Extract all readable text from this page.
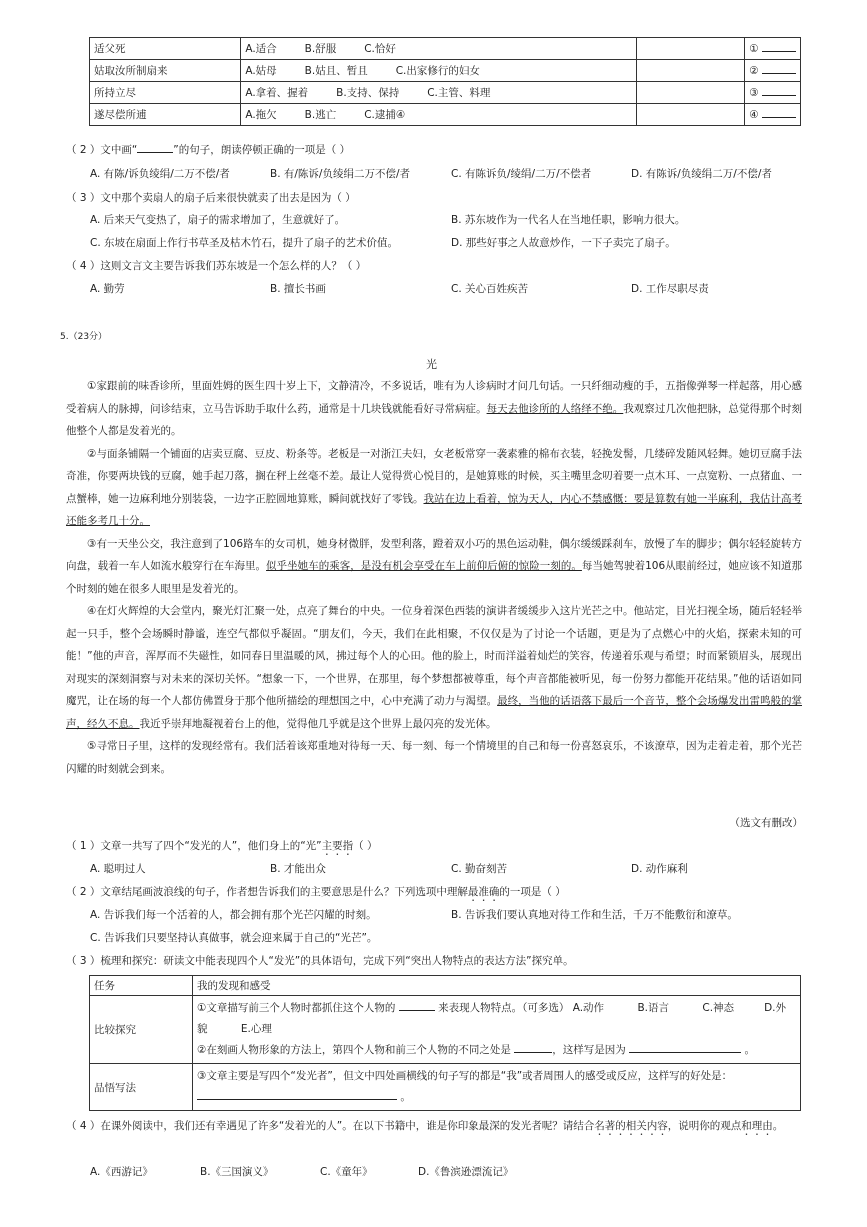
适父死	A.适合 B.舒服 C.恰好		①
姑取汝所制扇来	A.姑母 B.姑且、暂且 C.出家修行的妇女		②
所持立尽	A.拿着、握着 B.支持、保持 C.主管、料理		③
遂尽偿所逋	A.拖欠 B.逃亡 C.逮捕④		④
（ 2 ）文中画“	”的句子，朗读停顿正确的一项是（ ）
A. 有陈/诉负绫绢/二万不偿/者	B. 有/陈诉/负绫绢二万不偿/者	C. 有陈诉负/绫绢/二万/不偿者	D. 有陈诉/负绫绢二万/不偿/者
（ 3 ）文中那个卖扇人的扇子后来很快就卖了出去是因为（ ）
A. 后来天气变热了，扇子的需求增加了，生意就好了。	B. 苏东坡作为一代名人在当地任职，影响力很大。
C. 东坡在扇面上作行书草圣及枯木竹石，提升了扇子的艺术价值。	D. 那些好事之人故意炒作，一下子卖完了扇子。
（ 4 ）这则文言文主要告诉我们苏东坡是一个怎么样的人？（ ）
A. 勤劳	B. 擅长书画	C. 关心百姓疾苦	D. 工作尽职尽责
5.（23分）
光

①家跟前的味香诊所，里面姓姆的医生四十岁上下，文静清冷，不多说话，唯有为人诊病时才问几句话。一只纤细动瘦的手，五指像弹琴一样起落，用心感受着病人的脉搏，问诊结束，立马告诉助手取什么药，通常是十几块钱就能看好寻常病症。每天去他诊所的人络绎不绝。我观察过几次他把脉，总觉得那个时刻他整个人都是发着光的。

②与面条铺隔一个铺面的店卖豆腐、豆皮、粉条等。老板是一对浙江夫妇，女老板常穿一袭素雅的棉布衣装，轻挽发髻，几缕碎发随风轻舞。她切豆腐手法奇准，你要两块钱的豆腐，她手起刀落，搁在秤上丝毫不差。最让人觉得赏心悦目的，是她算账的时候，买主嘴里念叨着要一点木耳、一点宽粉、一点猪血、一点蟹棒，她一边麻利地分别装袋，一边字正腔圆地算账，瞬间就找好了零钱。我站在边上看着，惊为天人，内心不禁感慨：要是算数有她一半麻利，我估计高考还能多考几十分。

③有一天坐公交，我注意到了106路车的女司机，她身材微胖，发型利落，蹬着双小巧的黑色运动鞋，偶尔缓缓踩刹车，放慢了车的脚步；偶尔轻轻旋转方向盘，载着一车人如流水般穿行在车海里。似乎坐她车的乘客，是没有机会享受在车上前仰后俯的惊险一刻的。每当她驾驶着106从眼前经过，她应该不知道那个时刻的她在很多人眼里是发着光的。

④在灯火辉煌的大会堂内，聚光灯汇聚一处，点亮了舞台的中央。一位身着深色西装的演讲者缓缓步入这片光芒之中。他站定，目光扫视全场，随后轻轻举起一只手，整个会场瞬时静谧，连空气都似乎凝固。“朋友们，今天，我们在此相聚，不仅仅是为了讨论一个话题，更是为了点燃心中的火焰，探索未知的可能！”他的声音，浑厚而不失磁性，如同春日里温暖的风，拂过每个人的心田。他的脸上，时而洋溢着灿烂的笑容，传递着乐观与希望；时而紧锁眉头，展现出对现实的深刻洞察与对未来的深切关怀。“想象一下，一个世界，在那里，每个梦想都被尊重，每个声音都能被听见，每一份努力都能开花结果。”他的话语如同魔咒，让在场的每一个人都仿佛置身于那个他所描绘的理想国之中，心中充满了动力与渴望。最终，当他的话语落下最后一个音节，整个会场爆发出雷鸣般的掌声，经久不息。我近乎崇拜地凝视着台上的他，觉得他几乎就是这个世界上最闪亮的发光体。

⑤寻常日子里，这样的发现经常有。我们活着该郑重地对待每一天、每一刻、每一个情境里的自己和每一份喜怒哀乐，不该潦草，因为走着走着，那个光芒闪耀的时刻就会到来。

（选文有删改）
（ 1 ）文章一共写了四个“发光的人”，他们身上的“光”主要指（ ）
A. 聪明过人	B. 才能出众	C. 勤奋刻苦	D. 动作麻利
（ 2 ）文章结尾画波浪线的句子，作者想告诉我们的主要意思是什么？下列选项中理解最准确的一项是（ ）
A. 告诉我们每一个活着的人，都会拥有那个光芒闪耀的时刻。	B. 告诉我们要认真地对待工作和生活，千万不能敷衍和潦草。
C. 告诉我们只要坚持认真做事，就会迎来属于自己的“光芒”。
（ 3 ）梳理和探究：研读文中能表现四个人“发光”的具体语句，完成下列“突出人物特点的表达方法”探究单。
任务	我的发现和感受
比较探究	①文章描写前三个人物时都抓住这个人物的 来表现人物特点。（可多选） A.动作 B.语言 C.神态 D.外貌 E.心理
②在刻画人物形象的方法上，第四个人物和前三个人物的不同之处是 ，这样写是因为 。
品悟写法	③文章主要是写四个“发光者”，但文中四处画横线的句子写的都是“我”或者周围人的感受或反应，这样写的好处是：  。
（ 4 ）在课外阅读中，我们还有幸遇见了许多“发着光的人”。在以下书籍中，谁是你印象最深的发光者呢？请结合名著的相关内容，说明你的观点和理由。
A.《西游记》	B.《三国演义》	C.《童年》	D.《鲁滨逊漂流记》
